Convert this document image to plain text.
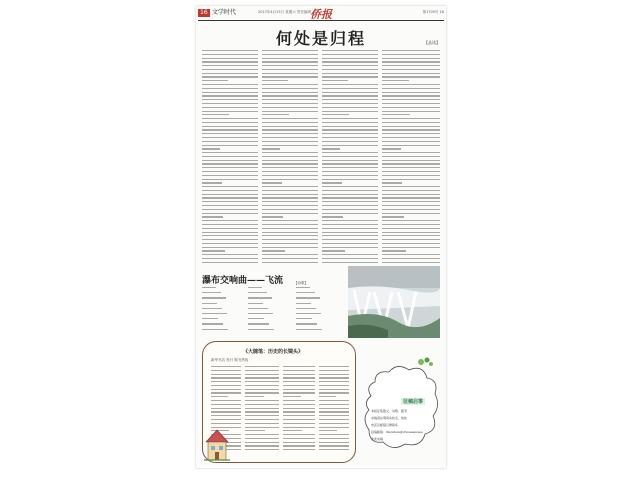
16 文学时代	2017年4月15日 星期六 责任编辑 侨报	第1705号 16
何处是归程	【品读】
瀑布交响曲——飞流	【诗歌】
《大随笔：历史的长镜头》
新华书店 发行 购书热线
征稿启事
本版征集散文、诗歌、随笔
来稿请注明真实姓名、地址
电话及邮箱以便联系
投稿邮箱：literature@chinesepress
欢迎来稿
